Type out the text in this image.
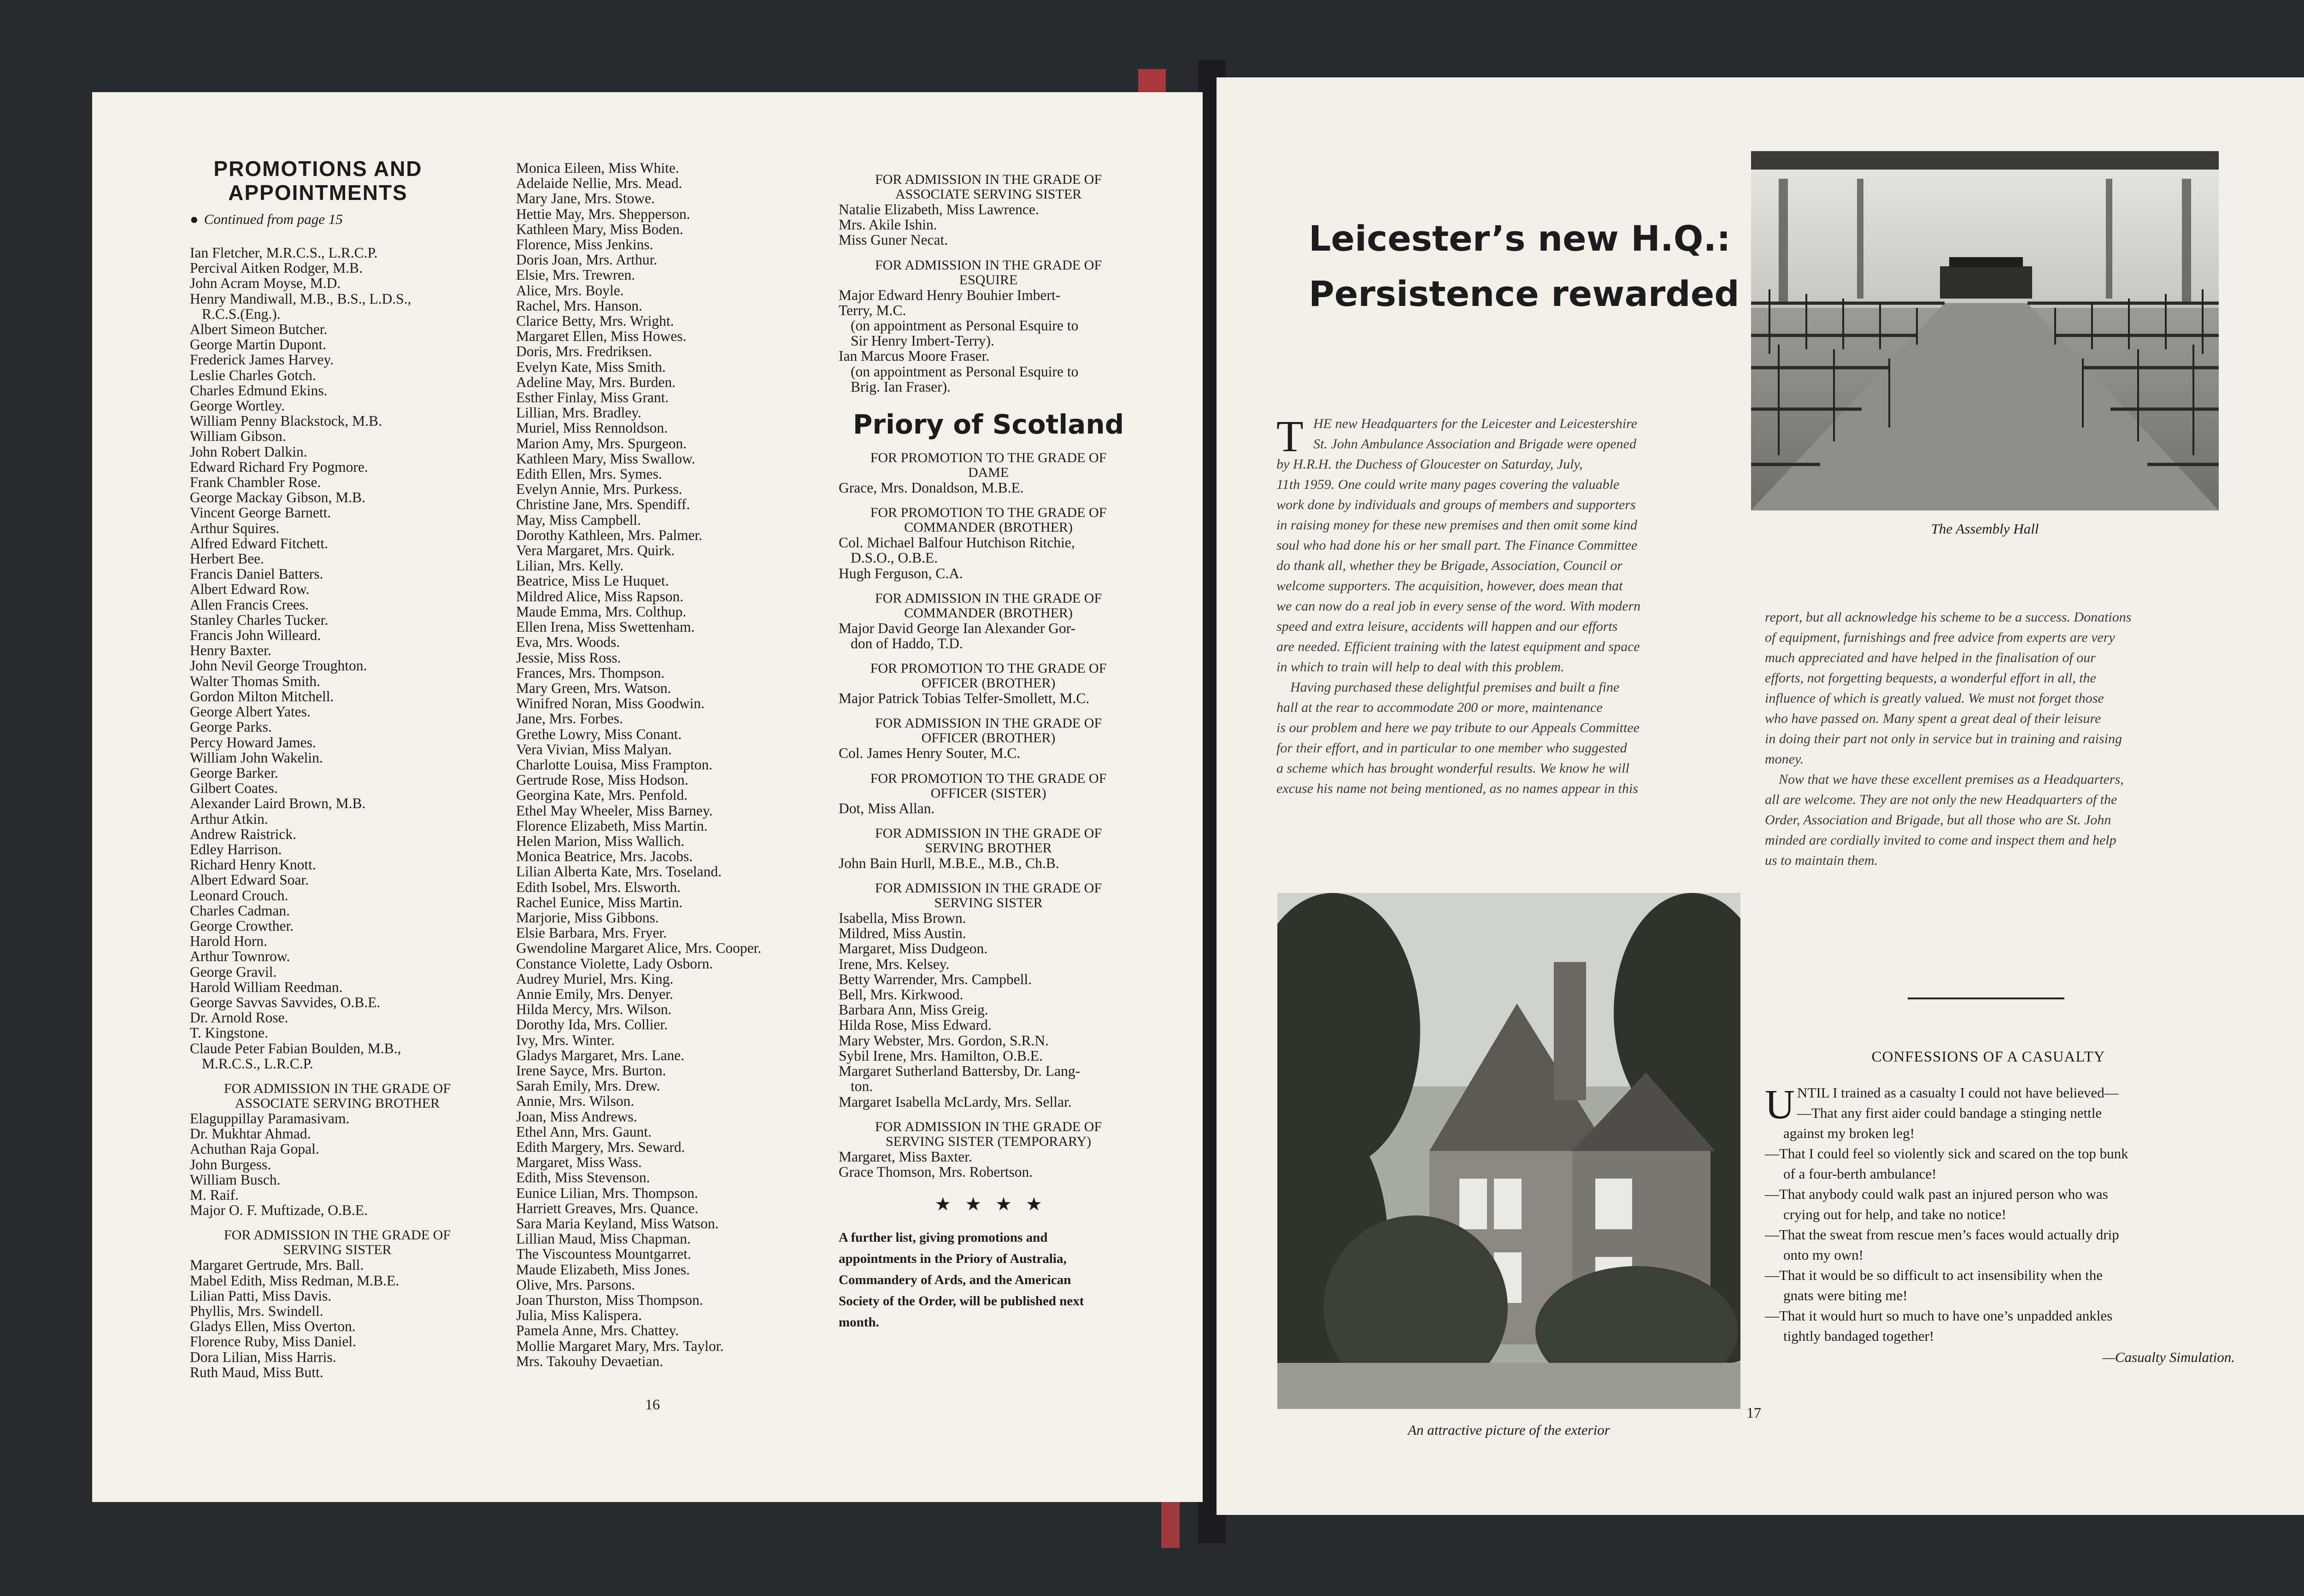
PROMOTIONS AND
APPOINTMENTS
● Continued from page 15
Ian Fletcher, M.R.C.S., L.R.C.P.
Percival Aitken Rodger, M.B.
John Acram Moyse, M.D.
Henry Mandiwall, M.B., B.S., L.D.S.,
R.C.S.(Eng.).
Albert Simeon Butcher.
George Martin Dupont.
Frederick James Harvey.
Leslie Charles Gotch.
Charles Edmund Ekins.
George Wortley.
William Penny Blackstock, M.B.
William Gibson.
John Robert Dalkin.
Edward Richard Fry Pogmore.
Frank Chambler Rose.
George Mackay Gibson, M.B.
Vincent George Barnett.
Arthur Squires.
Alfred Edward Fitchett.
Herbert Bee.
Francis Daniel Batters.
Albert Edward Row.
Allen Francis Crees.
Stanley Charles Tucker.
Francis John Willeard.
Henry Baxter.
John Nevil George Troughton.
Walter Thomas Smith.
Gordon Milton Mitchell.
George Albert Yates.
George Parks.
Percy Howard James.
William John Wakelin.
George Barker.
Gilbert Coates.
Alexander Laird Brown, M.B.
Arthur Atkin.
Andrew Raistrick.
Edley Harrison.
Richard Henry Knott.
Albert Edward Soar.
Leonard Crouch.
Charles Cadman.
George Crowther.
Harold Horn.
Arthur Townrow.
George Gravil.
Harold William Reedman.
George Savvas Savvides, O.B.E.
Dr. Arnold Rose.
T. Kingstone.
Claude Peter Fabian Boulden, M.B.,
M.R.C.S., L.R.C.P.
FOR ADMISSION IN THE GRADE OF
ASSOCIATE SERVING BROTHER
Elaguppillay Paramasivam.
Dr. Mukhtar Ahmad.
Achuthan Raja Gopal.
John Burgess.
William Busch.
M. Raif.
Major O. F. Muftizade, O.B.E.
FOR ADMISSION IN THE GRADE OF
SERVING SISTER
Margaret Gertrude, Mrs. Ball.
Mabel Edith, Miss Redman, M.B.E.
Lilian Patti, Miss Davis.
Phyllis, Mrs. Swindell.
Gladys Ellen, Miss Overton.
Florence Ruby, Miss Daniel.
Dora Lilian, Miss Harris.
Ruth Maud, Miss Butt.
Monica Eileen, Miss White.
Adelaide Nellie, Mrs. Mead.
Mary Jane, Mrs. Stowe.
Hettie May, Mrs. Shepperson.
Kathleen Mary, Miss Boden.
Florence, Miss Jenkins.
Doris Joan, Mrs. Arthur.
Elsie, Mrs. Trewren.
Alice, Mrs. Boyle.
Rachel, Mrs. Hanson.
Clarice Betty, Mrs. Wright.
Margaret Ellen, Miss Howes.
Doris, Mrs. Fredriksen.
Evelyn Kate, Miss Smith.
Adeline May, Mrs. Burden.
Esther Finlay, Miss Grant.
Lillian, Mrs. Bradley.
Muriel, Miss Rennoldson.
Marion Amy, Mrs. Spurgeon.
Kathleen Mary, Miss Swallow.
Edith Ellen, Mrs. Symes.
Evelyn Annie, Mrs. Purkess.
Christine Jane, Mrs. Spendiff.
May, Miss Campbell.
Dorothy Kathleen, Mrs. Palmer.
Vera Margaret, Mrs. Quirk.
Lilian, Mrs. Kelly.
Beatrice, Miss Le Huquet.
Mildred Alice, Miss Rapson.
Maude Emma, Mrs. Colthup.
Ellen Irena, Miss Swettenham.
Eva, Mrs. Woods.
Jessie, Miss Ross.
Frances, Mrs. Thompson.
Mary Green, Mrs. Watson.
Winifred Noran, Miss Goodwin.
Jane, Mrs. Forbes.
Grethe Lowry, Miss Conant.
Vera Vivian, Miss Malyan.
Charlotte Louisa, Miss Frampton.
Gertrude Rose, Miss Hodson.
Georgina Kate, Mrs. Penfold.
Ethel May Wheeler, Miss Barney.
Florence Elizabeth, Miss Martin.
Helen Marion, Miss Wallich.
Monica Beatrice, Mrs. Jacobs.
Lilian Alberta Kate, Mrs. Toseland.
Edith Isobel, Mrs. Elsworth.
Rachel Eunice, Miss Martin.
Marjorie, Miss Gibbons.
Elsie Barbara, Mrs. Fryer.
Gwendoline Margaret Alice, Mrs. Cooper.
Constance Violette, Lady Osborn.
Audrey Muriel, Mrs. King.
Annie Emily, Mrs. Denyer.
Hilda Mercy, Mrs. Wilson.
Dorothy Ida, Mrs. Collier.
Ivy, Mrs. Winter.
Gladys Margaret, Mrs. Lane.
Irene Sayce, Mrs. Burton.
Sarah Emily, Mrs. Drew.
Annie, Mrs. Wilson.
Joan, Miss Andrews.
Ethel Ann, Mrs. Gaunt.
Edith Margery, Mrs. Seward.
Margaret, Miss Wass.
Edith, Miss Stevenson.
Eunice Lilian, Mrs. Thompson.
Harriett Greaves, Mrs. Quance.
Sara Maria Keyland, Miss Watson.
Lillian Maud, Miss Chapman.
The Viscountess Mountgarret.
Maude Elizabeth, Miss Jones.
Olive, Mrs. Parsons.
Joan Thurston, Miss Thompson.
Julia, Miss Kalispera.
Pamela Anne, Mrs. Chattey.
Mollie Margaret Mary, Mrs. Taylor.
Mrs. Takouhy Devaetian.
FOR ADMISSION IN THE GRADE OF
ASSOCIATE SERVING SISTER
Natalie Elizabeth, Miss Lawrence.
Mrs. Akile Ishin.
Miss Guner Necat.
FOR ADMISSION IN THE GRADE OF
ESQUIRE
Major Edward Henry Bouhier Imbert-
Terry, M.C.
(on appointment as Personal Esquire to
Sir Henry Imbert-Terry).
Ian Marcus Moore Fraser.
(on appointment as Personal Esquire to
Brig. Ian Fraser).
Priory of Scotland
FOR PROMOTION TO THE GRADE OF
DAME
Grace, Mrs. Donaldson, M.B.E.
FOR PROMOTION TO THE GRADE OF
COMMANDER (BROTHER)
Col. Michael Balfour Hutchison Ritchie,
D.S.O., O.B.E.
Hugh Ferguson, C.A.
FOR ADMISSION IN THE GRADE OF
COMMANDER (BROTHER)
Major David George Ian Alexander Gor-
don of Haddo, T.D.
FOR PROMOTION TO THE GRADE OF
OFFICER (BROTHER)
Major Patrick Tobias Telfer-Smollett, M.C.
FOR ADMISSION IN THE GRADE OF
OFFICER (BROTHER)
Col. James Henry Souter, M.C.
FOR PROMOTION TO THE GRADE OF
OFFICER (SISTER)
Dot, Miss Allan.
FOR ADMISSION IN THE GRADE OF
SERVING BROTHER
John Bain Hurll, M.B.E., M.B., Ch.B.
FOR ADMISSION IN THE GRADE OF
SERVING SISTER
Isabella, Miss Brown.
Mildred, Miss Austin.
Margaret, Miss Dudgeon.
Irene, Mrs. Kelsey.
Betty Warrender, Mrs. Campbell.
Bell, Mrs. Kirkwood.
Barbara Ann, Miss Greig.
Hilda Rose, Miss Edward.
Mary Webster, Mrs. Gordon, S.R.N.
Sybil Irene, Mrs. Hamilton, O.B.E.
Margaret Sutherland Battersby, Dr. Lang-
ton.
Margaret Isabella McLardy, Mrs. Sellar.
FOR ADMISSION IN THE GRADE OF
SERVING SISTER (TEMPORARY)
Margaret, Miss Baxter.
Grace Thomson, Mrs. Robertson.
★   ★   ★   ★
A further list, giving promotions and
appointments in the Priory of Australia,
Commandery of Ards, and the American
Society of the Order, will be published next
month.
16
Leicester’s new H.Q.:
Persistence rewarded
The Assembly Hall
T HE new Headquarters for the Leicester and Leicestershire
St. John Ambulance Association and Brigade were opened
by H.R.H. the Duchess of Gloucester on Saturday, July,
11th 1959. One could write many pages covering the valuable
work done by individuals and groups of members and supporters
in raising money for these new premises and then omit some kind
soul who had done his or her small part. The Finance Committee
do thank all, whether they be Brigade, Association, Council or
welcome supporters. The acquisition, however, does mean that
we can now do a real job in every sense of the word. With modern
speed and extra leisure, accidents will happen and our efforts
are needed. Efficient training with the latest equipment and space
in which to train will help to deal with this problem.
Having purchased these delightful premises and built a fine
hall at the rear to accommodate 200 or more, maintenance
is our problem and here we pay tribute to our Appeals Committee
for their effort, and in particular to one member who suggested
a scheme which has brought wonderful results. We know he will
excuse his name not being mentioned, as no names appear in this
An attractive picture of the exterior
report, but all acknowledge his scheme to be a success. Donations
of equipment, furnishings and free advice from experts are very
much appreciated and have helped in the finalisation of our
efforts, not forgetting bequests, a wonderful effort in all, the
influence of which is greatly valued. We must not forget those
who have passed on. Many spent a great deal of their leisure
in doing their part not only in service but in training and raising
money.
Now that we have these excellent premises as a Headquarters,
all are welcome. They are not only the new Headquarters of the
Order, Association and Brigade, but all those who are St. John
minded are cordially invited to come and inspect them and help
us to maintain them.
CONFESSIONS OF A CASUALTY
U NTIL I trained as a casualty I could not have believed—
—That any first aider could bandage a stinging nettle
against my broken leg!
—That I could feel so violently sick and scared on the top bunk
of a four-berth ambulance!
—That anybody could walk past an injured person who was
crying out for help, and take no notice!
—That the sweat from rescue men’s faces would actually drip
onto my own!
—That it would be so difficult to act insensibility when the
gnats were biting me!
—That it would hurt so much to have one’s unpadded ankles
tightly bandaged together!
—Casualty Simulation.
17
